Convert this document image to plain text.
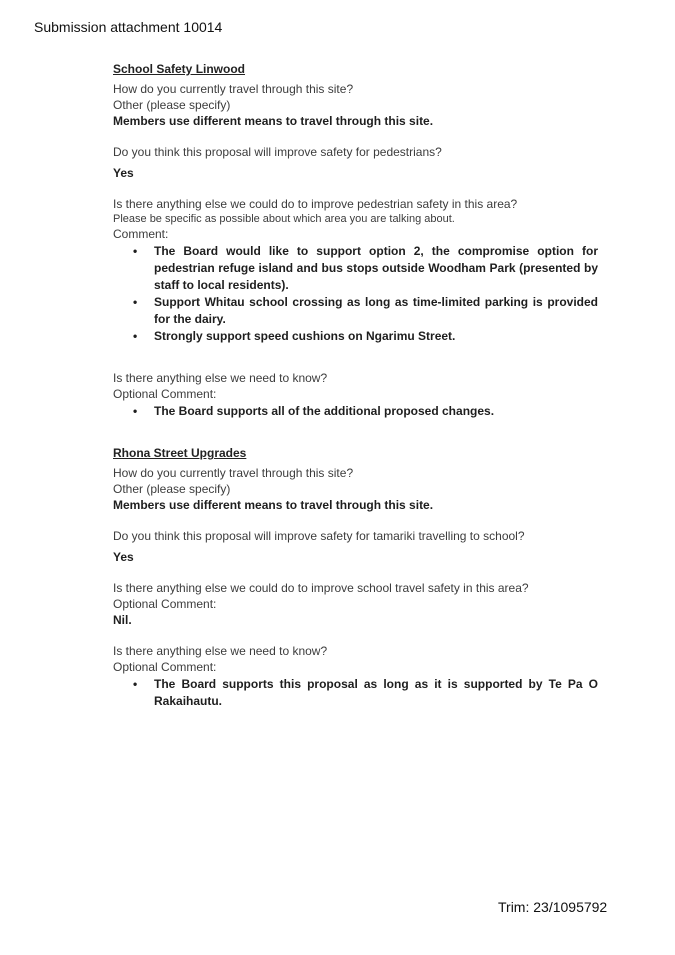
Submission attachment 10014
School Safety Linwood
How do you currently travel through this site?
Other (please specify)
Members use different means to travel through this site.
Do you think this proposal will improve safety for pedestrians?
Yes
Is there anything else we could do to improve pedestrian safety in this area?
Please be specific as possible about which area you are talking about.
Comment:
• The Board would like to support option 2, the compromise option for pedestrian refuge island and bus stops outside Woodham Park (presented by staff to local residents).
• Support Whitau school crossing as long as time-limited parking is provided for the dairy.
• Strongly support speed cushions on Ngarimu Street.
Is there anything else we need to know?
Optional Comment:
• The Board supports all of the additional proposed changes.
Rhona Street Upgrades
How do you currently travel through this site?
Other (please specify)
Members use different means to travel through this site.
Do you think this proposal will improve safety for tamariki travelling to school?
Yes
Is there anything else we could do to improve school travel safety in this area?
Optional Comment:
Nil.
Is there anything else we need to know?
Optional Comment:
• The Board supports this proposal as long as it is supported by Te Pa O Rakaihautu.
Trim: 23/1095792
